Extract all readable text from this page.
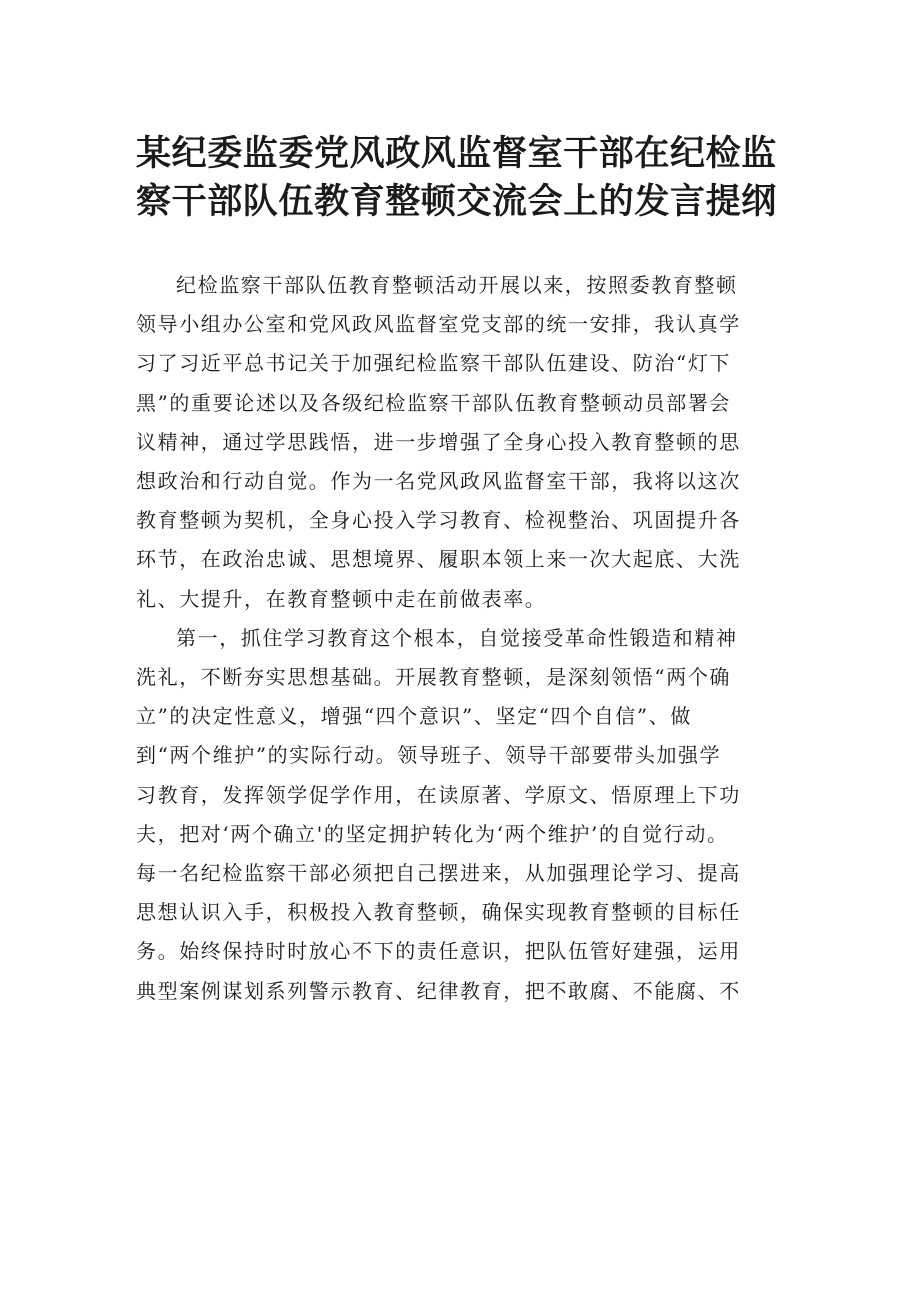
某纪委监委党风政风监督室干部在纪检监
察干部队伍教育整顿交流会上的发言提纲

纪检监察干部队伍教育整顿活动开展以来，按照委教育整顿
领导小组办公室和党风政风监督室党支部的统一安排，我认真学
习了习近平总书记关于加强纪检监察干部队伍建设、防治“灯下
黑”的重要论述以及各级纪检监察干部队伍教育整顿动员部署会
议精神，通过学思践悟，进一步增强了全身心投入教育整顿的思
想政治和行动自觉。作为一名党风政风监督室干部，我将以这次
教育整顿为契机，全身心投入学习教育、检视整治、巩固提升各
环节，在政治忠诚、思想境界、履职本领上来一次大起底、大洗
礼、大提升，在教育整顿中走在前做表率。

第一，抓住学习教育这个根本，自觉接受革命性锻造和精神
洗礼，不断夯实思想基础。开展教育整顿，是深刻领悟“两个确
立”的决定性意义，增强“四个意识”、坚定“四个自信”、做
到“两个维护”的实际行动。领导班子、领导干部要带头加强学
习教育，发挥领学促学作用，在读原著、学原文、悟原理上下功
夫，把对‘两个确立'的坚定拥护转化为‘两个维护’的自觉行动。
每一名纪检监察干部必须把自己摆进来，从加强理论学习、提高
思想认识入手，积极投入教育整顿，确保实现教育整顿的目标任
务。始终保持时时放心不下的责任意识，把队伍管好建强，运用
典型案例谋划系列警示教育、纪律教育，把不敢腐、不能腐、不
